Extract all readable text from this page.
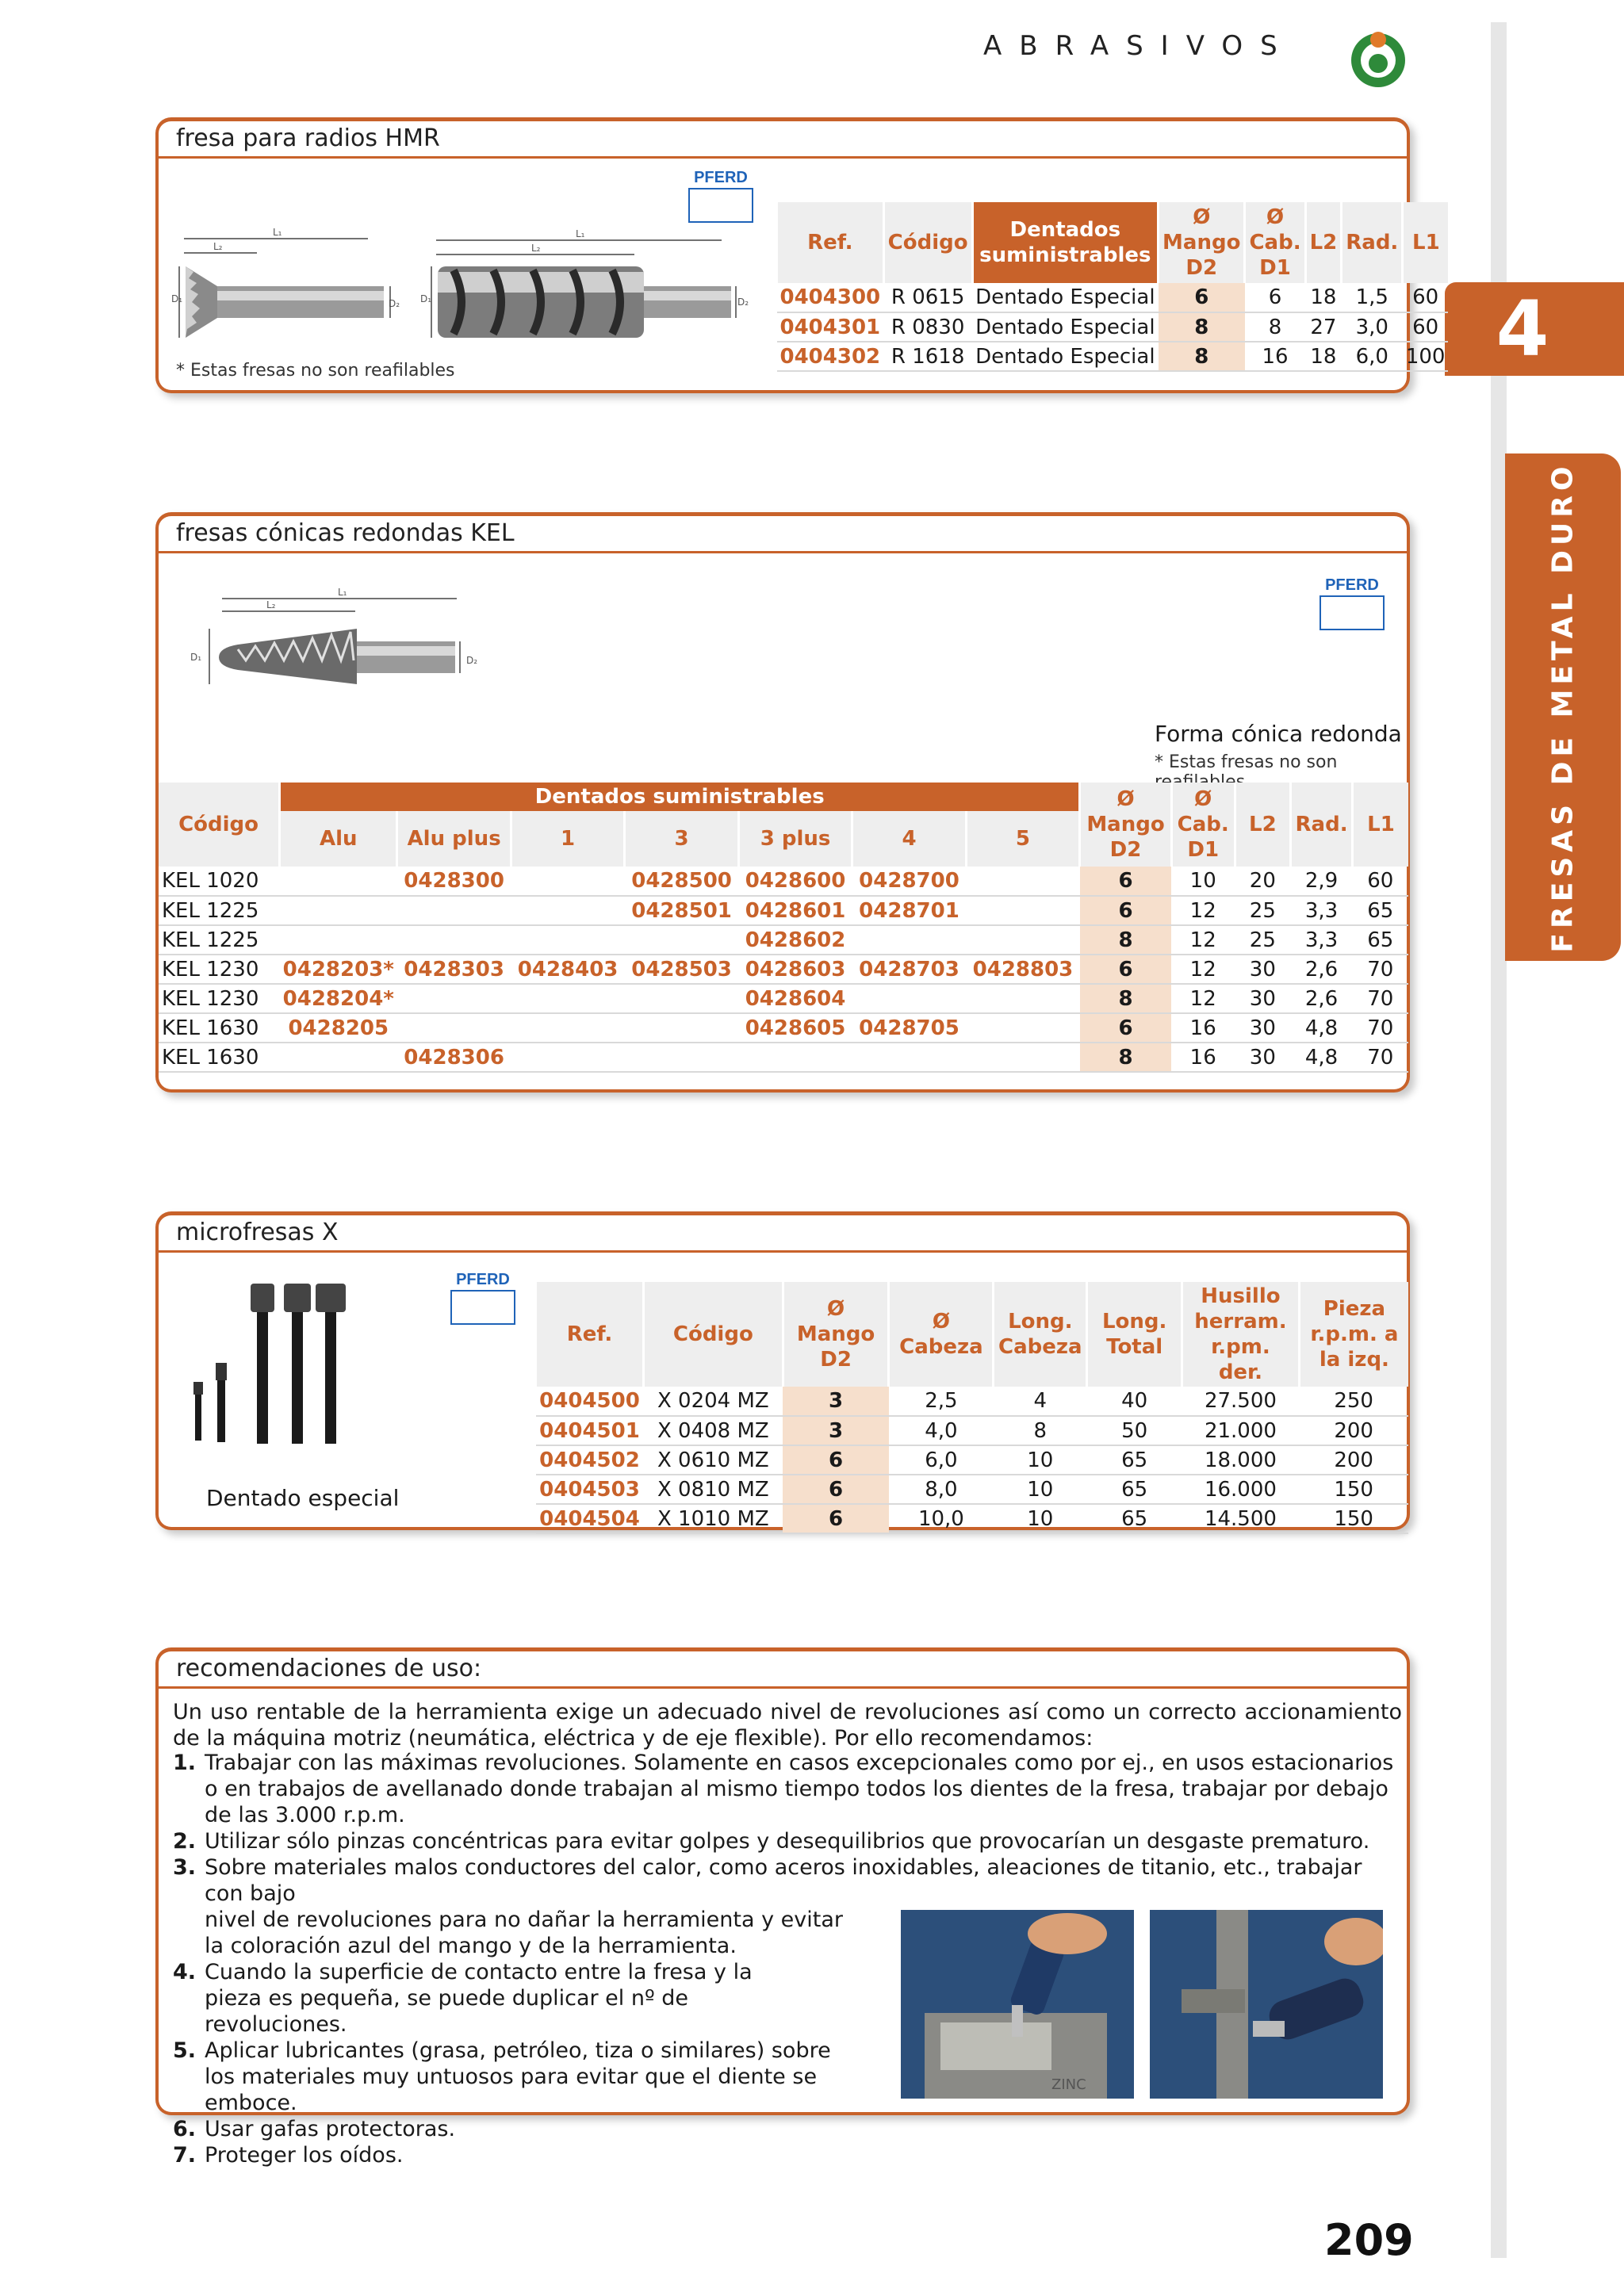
ABRASIVOS
4
FRESAS DE METAL DURO
fresa para radios HMR
L₁
L₂
D₁	D₂
L₁
L₂
D₁	D₂
* Estas fresas no son reafilables
PFERD
Ref.	Código	Dentados suministrables	Ø Mango D2	Ø Cab. D1	L2	Rad.	L1
0404300	R 0615	Dentado Especial	6	6	18	1,5	60
0404301	R 0830	Dentado Especial	8	8	27	3,0	60
0404302	R 1618	Dentado Especial	8	16	18	6,0	100
fresas cónicas redondas KEL
L₁
L₂
D₁	D₂
PFERD
Forma cónica redonda
* Estas fresas no son
Código	Dentados suministrables							Ø Mango D2	Ø Cab. D1	L2	Rad.	L1
	Alu	Alu plus	1	3	3 plus	4	5					
KEL 1020		0428300		0428500	0428600	0428700		6	10	20	2,9	60
KEL 1225				0428501	0428601	0428701		6	12	25	3,3	65
KEL 1225					0428602			8	12	25	3,3	65
KEL 1230	0428203*	0428303	0428403	0428503	0428603	0428703	0428803	6	12	30	2,6	70
KEL 1230	0428204*				0428604			8	12	30	2,6	70
KEL 1630	0428205				0428605	0428705		6	16	30	4,8	70
KEL 1630		0428306						8	16	30	4,8	70
microfresas X
Dentado especial
PFERD
Ref.	Código	Ø Mango D2	Ø Cabeza	Long. Cabeza	Long. Total	Husillo herram. r.pm. der.	Pieza r.p.m. a la izq.
0404500	X 0204 MZ	3	2,5	4	40	27.500	250
0404501	X 0408 MZ	3	4,0	8	50	21.000	200
0404502	X 0610 MZ	6	6,0	10	65	18.000	200
0404503	X 0810 MZ	6	8,0	10	65	16.000	150
0404504	X 1010 MZ	6	10,0	10	65	14.500	150
recomendaciones de uso:
Un uso rentable de la herramienta exige un adecuado nivel de revoluciones así como un correcto accionamiento de la máquina motriz (neumática, eléctrica y de eje flexible). Por ello recomendamos:
1. Trabajar con las máximas revoluciones. Solamente en casos excepcionales como por ej., en usos estacionarios o en trabajos de avellanado donde trabajan al mismo tiempo todos los dientes de la fresa, trabajar por debajo de las 3.000 r.p.m.
2. Utilizar sólo pinzas concéntricas para evitar golpes y desequilibrios que provocarían un desgaste prematuro.
3. Sobre materiales malos conductores del calor, como aceros inoxidables, aleaciones de titanio, etc., trabajar con bajo
nivel de revoluciones para no dañar la herramienta y evitar la coloración azul del mango y de la herramienta.
4. Cuando la superficie de contacto entre la fresa y la pieza es pequeña, se puede duplicar el nº de revoluciones.
5. Aplicar lubricantes (grasa, petróleo, tiza o similares) sobre los materiales muy untuosos para evitar que el diente se emboce.
6. Usar gafas protectoras.
7. Proteger los oídos.
ZINC
209
